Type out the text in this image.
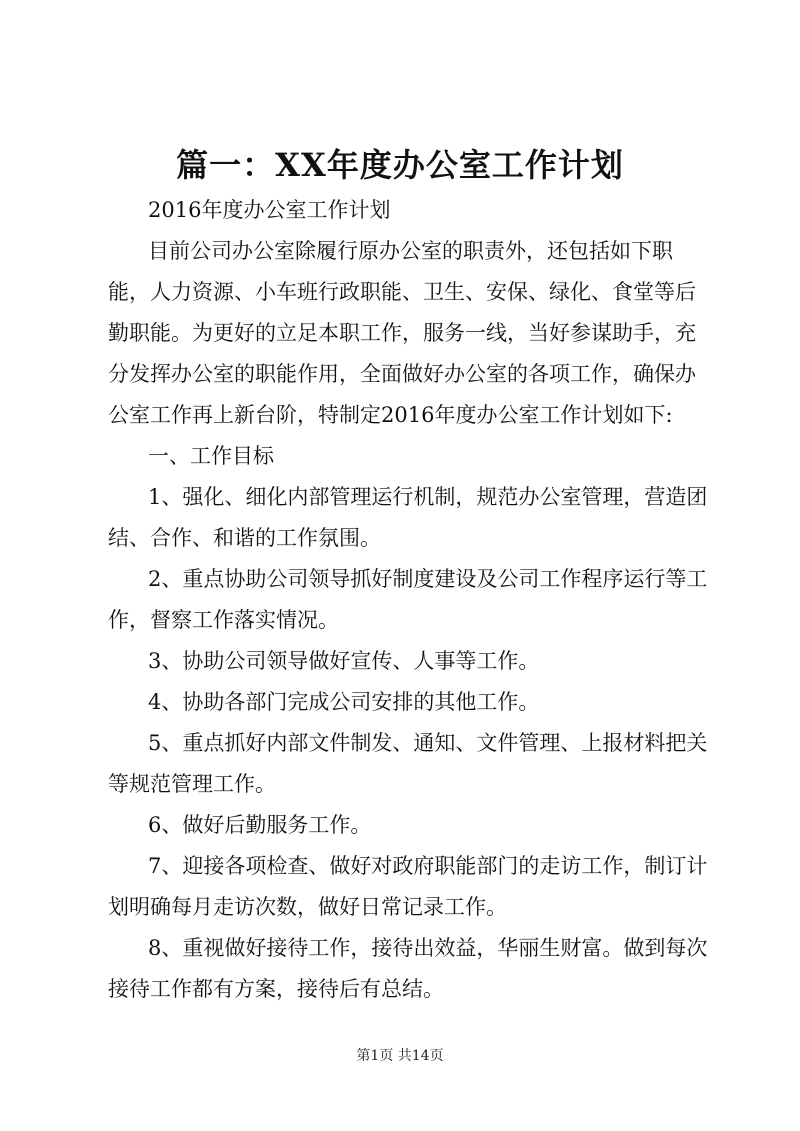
篇一：XX年度办公室工作计划

2016年度办公室工作计划

目前公司办公室除履行原办公室的职责外，还包括如下职能，人力资源、小车班行政职能、卫生、安保、绿化、食堂等后勤职能。为更好的立足本职工作，服务一线，当好参谋助手，充分发挥办公室的职能作用，全面做好办公室的各项工作，确保办公室工作再上新台阶，特制定2016年度办公室工作计划如下:

一、工作目标

1、强化、细化内部管理运行机制，规范办公室管理，营造团结、合作、和谐的工作氛围。

2、重点协助公司领导抓好制度建设及公司工作程序运行等工作，督察工作落实情况。

3、协助公司领导做好宣传、人事等工作。

4、协助各部门完成公司安排的其他工作。

5、重点抓好内部文件制发、通知、文件管理、上报材料把关等规范管理工作。

6、做好后勤服务工作。

7、迎接各项检查、做好对政府职能部门的走访工作，制订计划明确每月走访次数，做好日常记录工作。

8、重视做好接待工作，接待出效益，华丽生财富。做到每次接待工作都有方案，接待后有总结。

第1页 共14页
